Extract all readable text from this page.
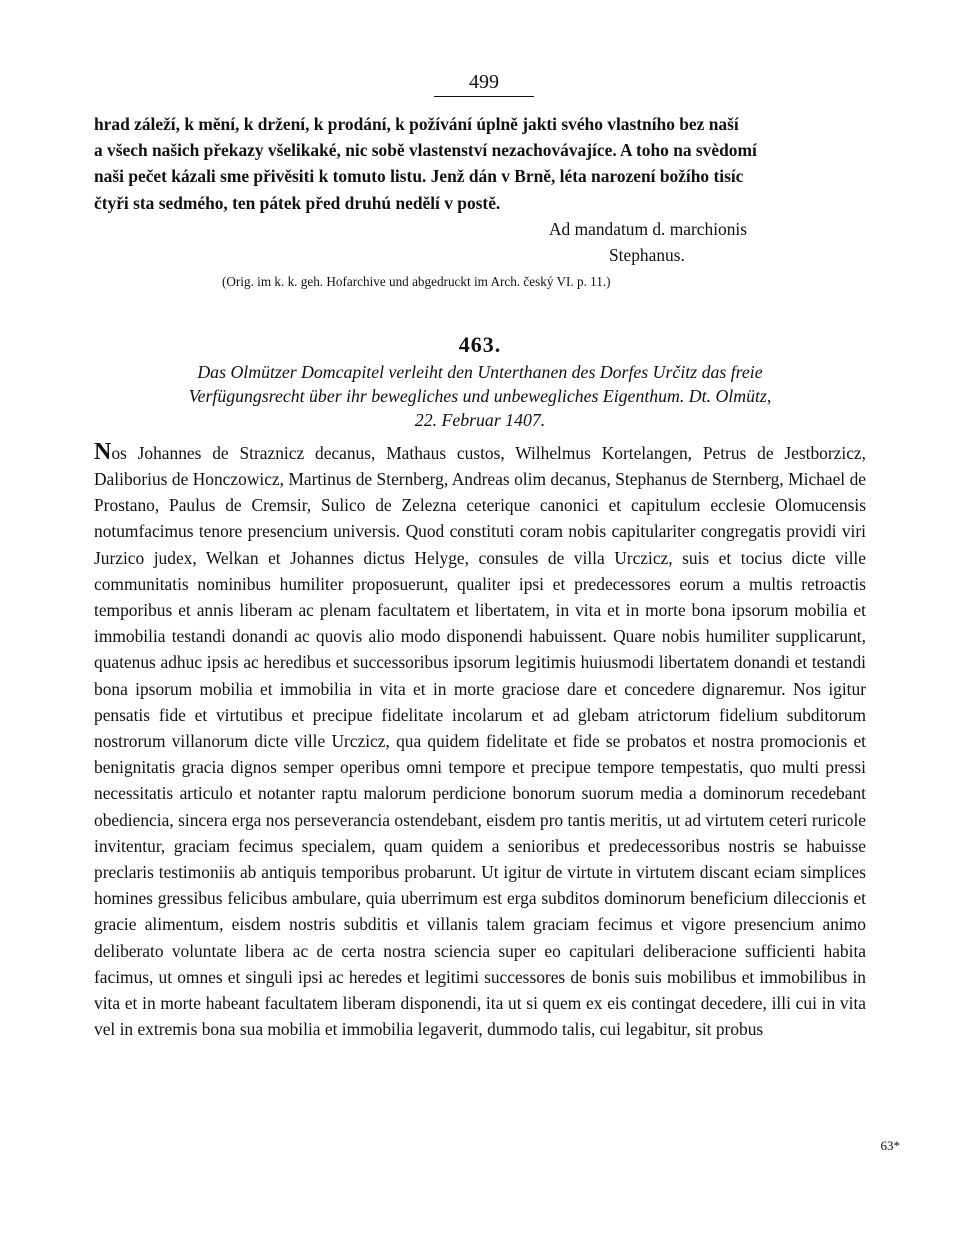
499

hrad záleží, k mění, k držení, k prodání, k požívání úplně jakti svého vlastního bez naší

a všech našich překazy všelikaké, nic sobě vlastenství nezachovávajíce. A toho na svèdomí

naši pečet kázali sme přivěsiti k tomuto listu. Jenž dán v Brně, léta narození božího tisíc

čtyři sta sedmého, ten pátek před druhú nedělí v postě.

Ad mandatum d. marchionis
Stephanus.
(Orig. im k. k. geh. Hofarchive und abgedruckt im Arch. český VI. p. 11.)
463.
Das Olmützer Domcapitel verleiht den Unterthanen des Dorfes Určitz das freie
Verfügungsrecht über ihr bewegliches und unbewegliches Eigenthum. Dt. Olmütz,
22. Februar 1407.
Nos Johannes de Straznicz decanus, Mathaus custos, Wilhelmus Kortelangen, Petrus de Jestborzicz, Daliborius de Honczowicz, Martinus de Sternberg, Andreas olim decanus, Stephanus de Sternberg, Michael de Prostano, Paulus de Cremsir, Sulico de Zelezna ceterique canonici et capitulum ecclesie Olomucensis notumfacimus tenore presencium universis. Quod constituti coram nobis capitulariter congregatis providi viri Jurzico judex, Welkan et Johannes dictus Helyge, consules de villa Urczicz, suis et tocius dicte ville communitatis nominibus humiliter proposuerunt, qualiter ipsi et predecessores eorum a multis retroactis temporibus et annis liberam ac plenam facultatem et libertatem, in vita et in morte bona ipsorum mobilia et immobilia testandi donandi ac quovis alio modo disponendi habuissent. Quare nobis humiliter supplicarunt, quatenus adhuc ipsis ac heredibus et successoribus ipsorum legitimis huiusmodi libertatem donandi et testandi bona ipsorum mobilia et immobilia in vita et in morte graciose dare et concedere dignaremur. Nos igitur pensatis fide et virtutibus et precipue fidelitate incolarum et ad glebam atrictorum fidelium subditorum nostrorum villanorum dicte ville Urczicz, qua quidem fidelitate et fide se probatos et nostra promocionis et benignitatis gracia dignos semper operibus omni tempore et precipue tempore tempestatis, quo multi pressi necessitatis articulo et notanter raptu malorum perdicione bonorum suorum media a dominorum recedebant obediencia, sincera erga nos perseverancia ostendebant, eisdem pro tantis meritis, ut ad virtutem ceteri ruricole invitentur, graciam fecimus specialem, quam quidem a senioribus et predecessoribus nostris se habuisse preclaris testimoniis ab antiquis temporibus probarunt. Ut igitur de virtute in virtutem discant eciam simplices homines gressibus felicibus ambulare, quia uberrimum est erga subditos dominorum beneficium dileccionis et gracie alimentum, eisdem nostris subditis et villanis talem graciam fecimus et vigore presencium animo deliberato voluntate libera ac de certa nostra sciencia super eo capitulari deliberacione sufficienti habita facimus, ut omnes et singuli ipsi ac heredes et legitimi successores de bonis suis mobilibus et immobilibus in vita et in morte habeant facultatem liberam disponendi, ita ut si quem ex eis contingat decedere, illi cui in vita vel in extremis bona sua mobilia et immobilia legaverit, dummodo talis, cui legabitur, sit probus
63*
